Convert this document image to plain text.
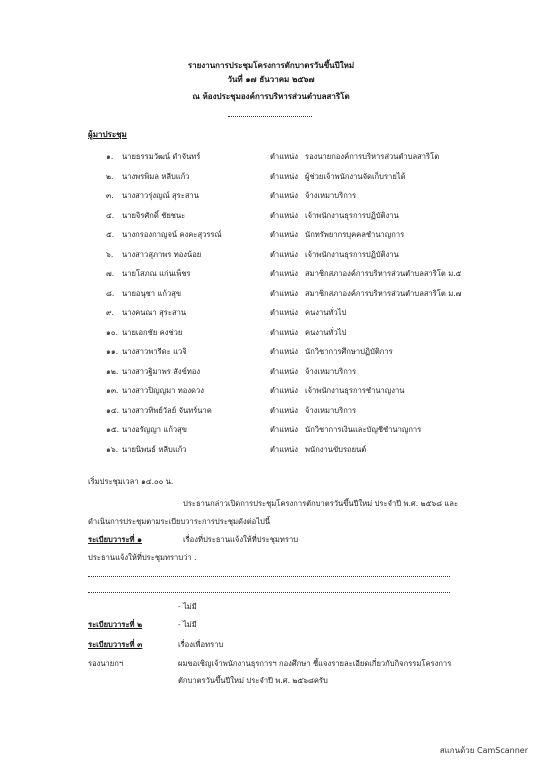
รายงานการประชุมโครงการตักบาตรวันขึ้นปีใหม่
วันที่ ๑๗ ธันวาคม ๒๕๖๗
ณ ห้องประชุมองค์การบริหารส่วนตำบลสาริโต
ผู้มาประชุม
๑. นายธรรมวัฒน์ ดำจันทร์	ตำแหน่ง รองนายกองค์การบริหารส่วนตำบลสาริโต
๒. นางพรพิมล หลีบแก้ว	ตำแหน่ง ผู้ช่วยเจ้าพนักงานจัดเก็บรายได้
๓. นางสาวรุ่งญณ์ สุระสาน	ตำแหน่ง จ้างเหมาบริการ
๔. นายจิรศักดิ์ ชัยชนะ	ตำแหน่ง เจ้าพนักงานธุรการปฏิบัติงาน
๕. นางกรองกาญจน์ คงคะสุวรรณ์	ตำแหน่ง นักทรัพยากรบุคคลชำนาญการ
๖. นางสาวสุภาพร ทองน้อย	ตำแหน่ง เจ้าพนักงานธุรการปฏิบัติงาน
๗. นายโสภณ แก่นเพ็ชร	ตำแหน่ง สมาชิกสภาองค์การบริหารส่วนตำบลสาริโต ม.๕
๘. นายอนุชา แก้วสุข	ตำแหน่ง สมาชิกสภาองค์การบริหารส่วนตำบลสาริโต ม.๗
๙. นางคนณา สุระสาน	ตำแหน่ง คนงานทั่วไป
๑๐. นายเอกชัย คงช่วย	ตำแหน่ง คนงานทั่วไป
๑๑. นางสาวพารีดะ แวจิ	ตำแหน่ง นักวิชาการศึกษาปฏิบัติการ
๑๒. นางสาวฐิมาพร สังข์ทอง	ตำแหน่ง จ้างเหมาบริการ
๑๓. นางสาวปิญญมา ทองดวง	ตำแหน่ง เจ้าพนักงานธุรการชำนาญงาน
๑๔. นางสาวทิพย์วัลย์ จันทร์นาค	ตำแหน่ง จ้างเหมาบริการ
๑๕. นางอรัญญา แก้วสุข	ตำแหน่ง นักวิชาการเงินและบัญชีชำนาญการ
๑๖. นายนิพนธ์ หลีบแก้ว	ตำแหน่ง พนักงานขับรถยนต์
เริ่มประชุมเวลา ๑๔.๐๐ น.
ประธานกล่าวเปิดการประชุมโครงการตักบาตรวันขึ้นปีใหม่ ประจำปี พ.ศ. ๒๕๖๘ และ
ดำเนินการประชุมตามระเบียบวาระการประชุมดังต่อไปนี้
ระเบียบวาระที่ ๑	เรื่องที่ประธานแจ้งให้ที่ประชุมทราบ
ประธานแจ้งให้ที่ประชุมทราบว่า .
- ไม่มี
ระเบียบวาระที่ ๒	- ไม่มี
ระเบียบวาระที่ ๓	เรื่องเพื่อทราบ
รองนายกฯ	ผมขอเชิญเจ้าพนักงานธุรการฯ กองศึกษา ชี้แจงรายละเอียดเกี่ยวกับกิจกรรมโครงการ
ตักบาตรวันขึ้นปีใหม่ ประจำปี พ.ศ. ๒๕๖๘ครับ
สแกนด้วย CamScanner
